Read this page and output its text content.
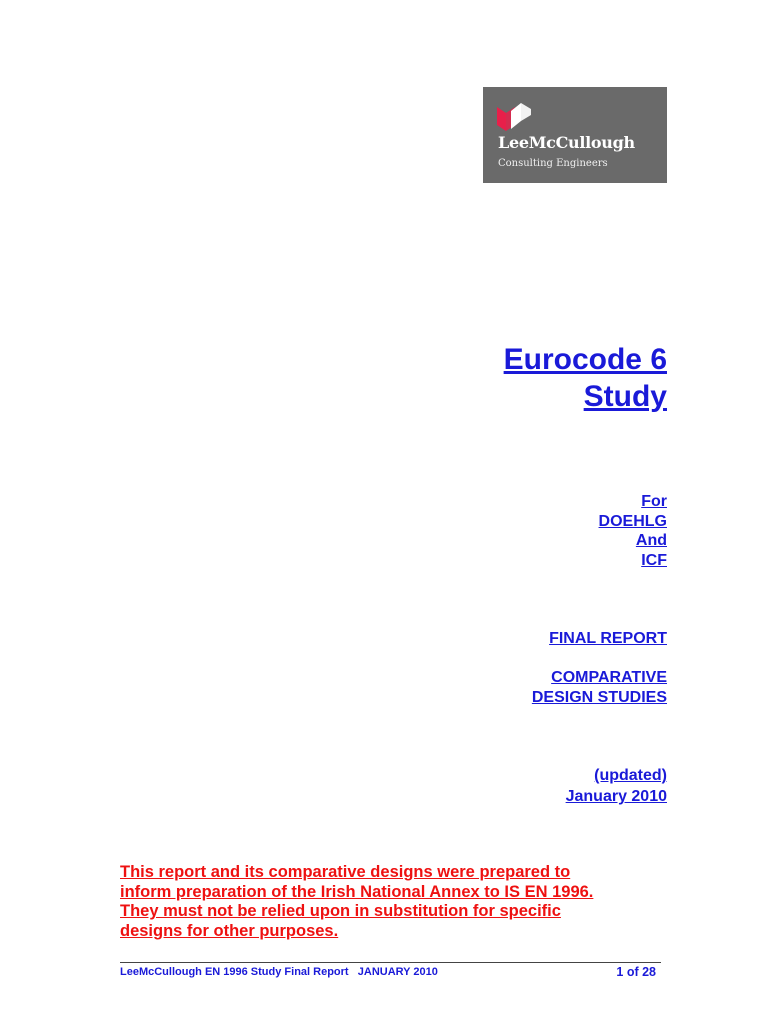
LeeMcCullough
Consulting Engineers
Eurocode 6
Study
For
DOEHLG
And
ICF
FINAL REPORT
COMPARATIVE
DESIGN STUDIES
(updated)
January 2010
This report and its comparative designs were prepared to
inform preparation of the Irish National Annex to IS EN 1996.
They must not be relied upon in substitution for specific
designs for other purposes.
LeeMcCullough EN 1996 Study Final Report   JANUARY 2010	1 of 28
